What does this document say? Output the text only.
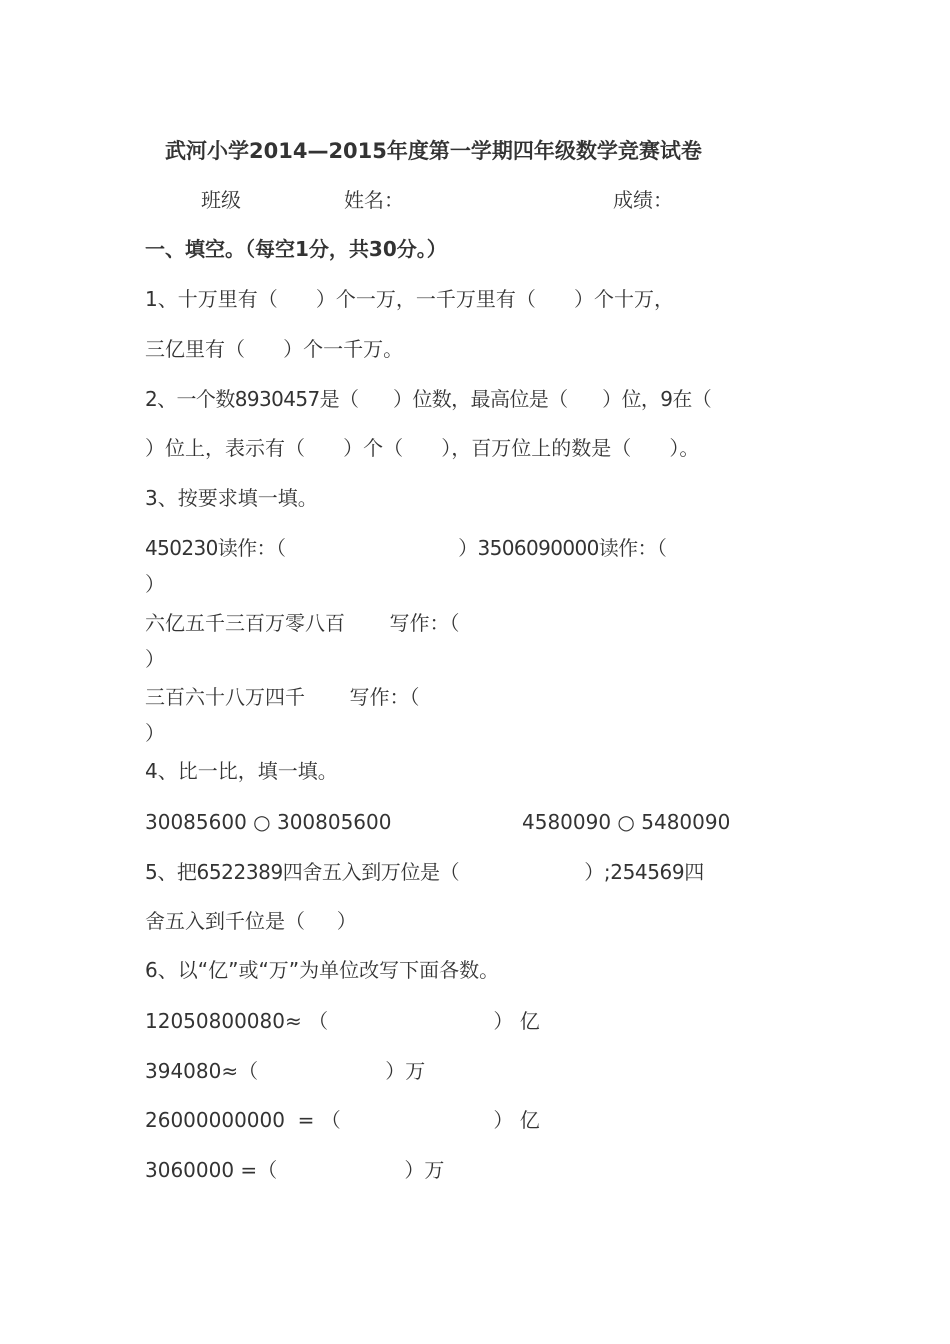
武河小学2014—2015年度第一学期四年级数学竞赛试卷
班级	姓名：	成绩：
一、填空。（每空1分，共30分。）
1、十万里有（      ）个一万，一千万里有（      ）个十万，
三亿里有（      ）个一千万。
2、一个数8930457是（      ）位数，最高位是（      ）位，9在（
）位上，表示有（      ）个（      ），百万位上的数是（      ）。
3、按要求填一填。
450230读作：（                              ）3506090000读作：（
）
六亿五千三百万零八百       写作：（
）
三百六十八万四千       写作：（
）
4、比一比，填一填。
30085600 ○ 300805600	4580090 ○ 5480090
5、把6522389四舍五入到万位是（                     ）;254569四
舍五入到千位是（     ）
6、以“亿”或“万”为单位改写下面各数。
12050800080≈ （                          ） 亿
394080≈（                    ）万
26000000000  = （                        ） 亿
3060000 =（                    ）万
